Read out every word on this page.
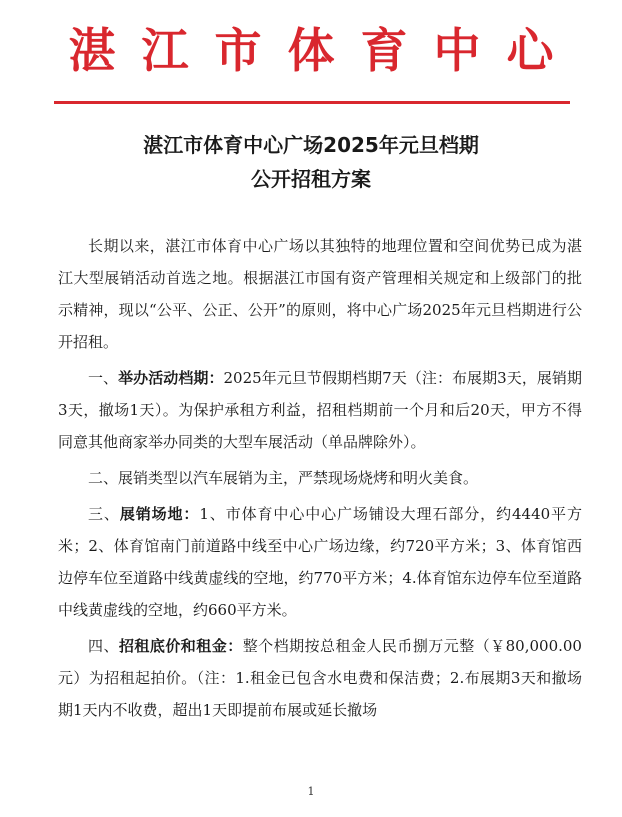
湛江市体育中心
湛江市体育中心广场2025年元旦档期
公开招租方案

长期以来，湛江市体育中心广场以其独特的地理位置和空间优势已成为湛江大型展销活动首选之地。根据湛江市国有资产管理相关规定和上级部门的批示精神，现以“公平、公正、公开”的原则，将中心广场2025年元旦档期进行公开招租。

一、举办活动档期：2025年元旦节假期档期7天（注：布展期3天，展销期3天，撤场1天）。为保护承租方利益，招租档期前一个月和后20天，甲方不得同意其他商家举办同类的大型车展活动（单品牌除外）。

二、展销类型以汽车展销为主，严禁现场烧烤和明火美食。

三、展销场地：1、市体育中心中心广场铺设大理石部分，约4440平方米；2、体育馆南门前道路中线至中心广场边缘，约720平方米；3、体育馆西边停车位至道路中线黄虚线的空地，约770平方米；4.体育馆东边停车位至道路中线黄虚线的空地，约660平方米。

四、招租底价和租金：整个档期按总租金人民币捌万元整（￥80,000.00元）为招租起拍价。（注：1.租金已包含水电费和保洁费；2.布展期3天和撤场期1天内不收费，超出1天即提前布展或延长撤场

1
